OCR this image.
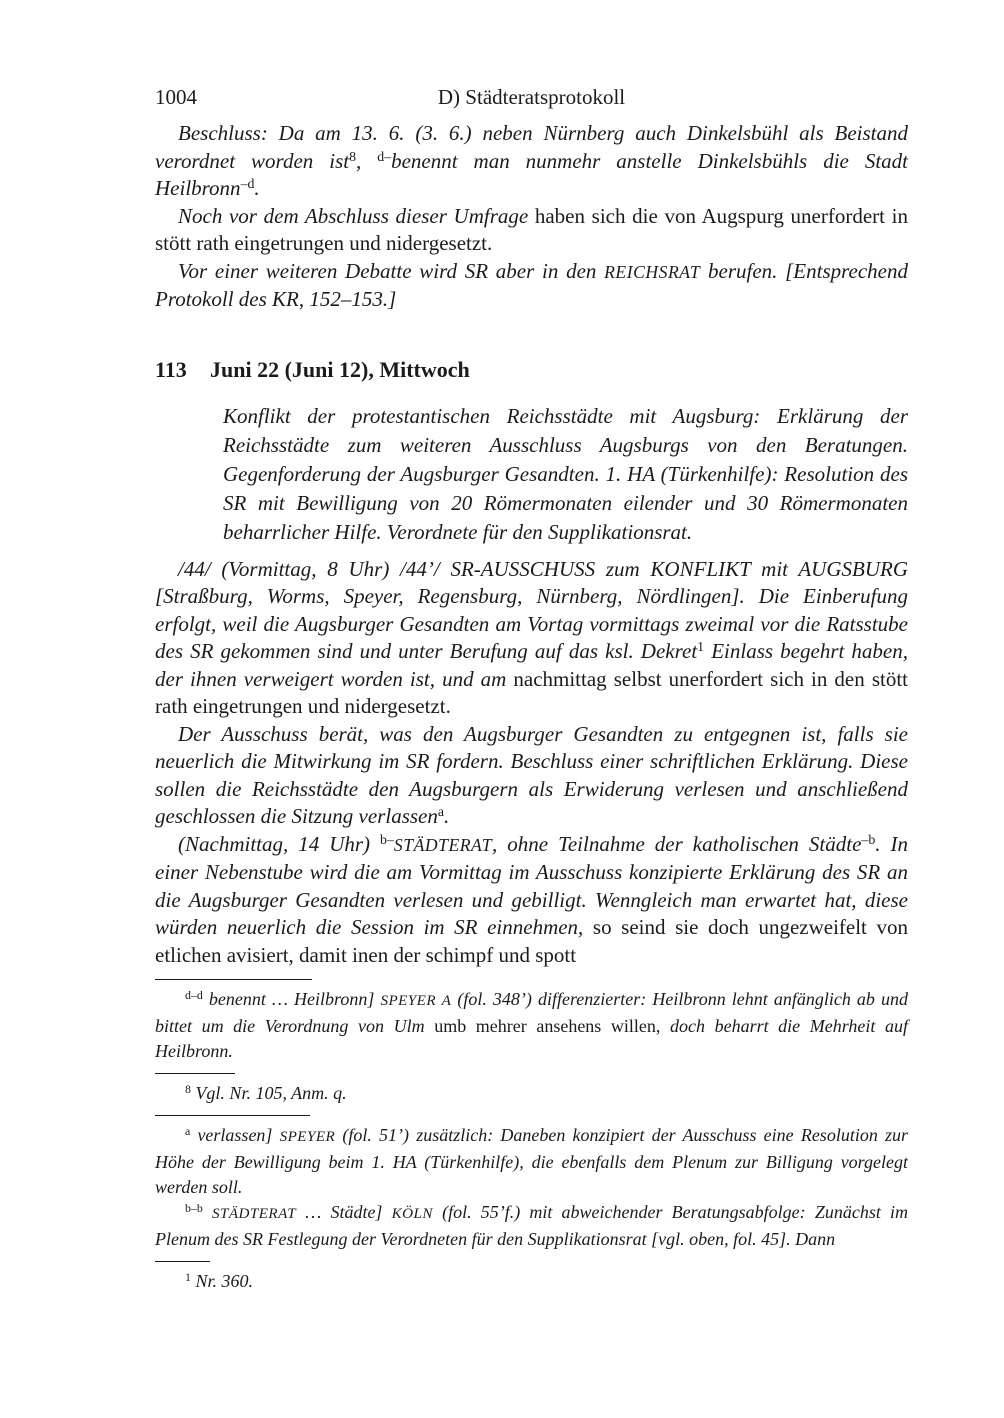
1004	D) Städteratsprotokoll
Beschluss: Da am 13. 6. (3. 6.) neben Nürnberg auch Dinkelsbühl als Beistand verordnet worden ist$^8$, $^{d-}$benennt man nunmehr anstelle Dinkelsbühls die Stadt Heilbronn$^{-d}$.
Noch vor dem Abschluss dieser Umfrage haben sich die von Augspurg unerfordert in stött rath eingetrungen und nidergesetzt.
Vor einer weiteren Debatte wird SR aber in den REICHSRAT berufen. [Entsprechend Protokoll des KR, 152–153.]
113	Juni 22 (Juni 12), Mittwoch
Konflikt der protestantischen Reichsstädte mit Augsburg: Erklärung der Reichsstädte zum weiteren Ausschluss Augsburgs von den Beratungen. Gegenforderung der Augsburger Gesandten. 1. HA (Türkenhilfe): Resolution des SR mit Bewilligung von 20 Römermonaten eilender und 30 Römermonaten beharrlicher Hilfe. Verordnete für den Supplikationsrat.
/44/ (Vormittag, 8 Uhr) /44’/ SR-AUSSCHUSS zum KONFLIKT mit AUGSBURG [Straßburg, Worms, Speyer, Regensburg, Nürnberg, Nördlingen]. Die Einberufung erfolgt, weil die Augsburger Gesandten am Vortag vormittags zweimal vor die Ratsstube des SR gekommen sind und unter Berufung auf das ksl. Dekret$^1$ Einlass begehrt haben, der ihnen verweigert worden ist, und am nachmittag selbst unerfordert sich in den stött rath eingetrungen und nidergesetzt.
Der Ausschuss berät, was den Augsburger Gesandten zu entgegnen ist, falls sie neuerlich die Mitwirkung im SR fordern. Beschluss einer schriftlichen Erklärung. Diese sollen die Reichsstädte den Augsburgern als Erwiderung verlesen und anschließend geschlossen die Sitzung verlassen$^a$.
(Nachmittag, 14 Uhr) $^{b-}$STÄDTERAT, ohne Teilnahme der katholischen Städte$^{-b}$. In einer Nebenstube wird die am Vormittag im Ausschuss konzipierte Erklärung des SR an die Augsburger Gesandten verlesen und gebilligt. Wenngleich man erwartet hat, diese würden neuerlich die Session im SR einnehmen, so seind sie doch ungezweifelt von etlichen avisiert, damit inen der schimpf und spott
$^{d-d}$ benennt … Heilbronn] SPEYER A (fol. 348’) differenzierter: Heilbronn lehnt anfänglich ab und bittet um die Verordnung von Ulm umb mehrer ansehens willen, doch beharrt die Mehrheit auf Heilbronn.
$^8$ Vgl. Nr. 105, Anm. q.
$^a$ verlassen] SPEYER (fol. 51’) zusätzlich: Daneben konzipiert der Ausschuss eine Resolution zur Höhe der Bewilligung beim 1. HA (Türkenhilfe), die ebenfalls dem Plenum zur Billigung vorgelegt werden soll.
$^{b-b}$ STÄDTERAT … Städte] KÖLN (fol. 55’f.) mit abweichender Beratungsabfolge: Zunächst im Plenum des SR Festlegung der Verordneten für den Supplikationsrat [vgl. oben, fol. 45]. Dann
$^1$ Nr. 360.
